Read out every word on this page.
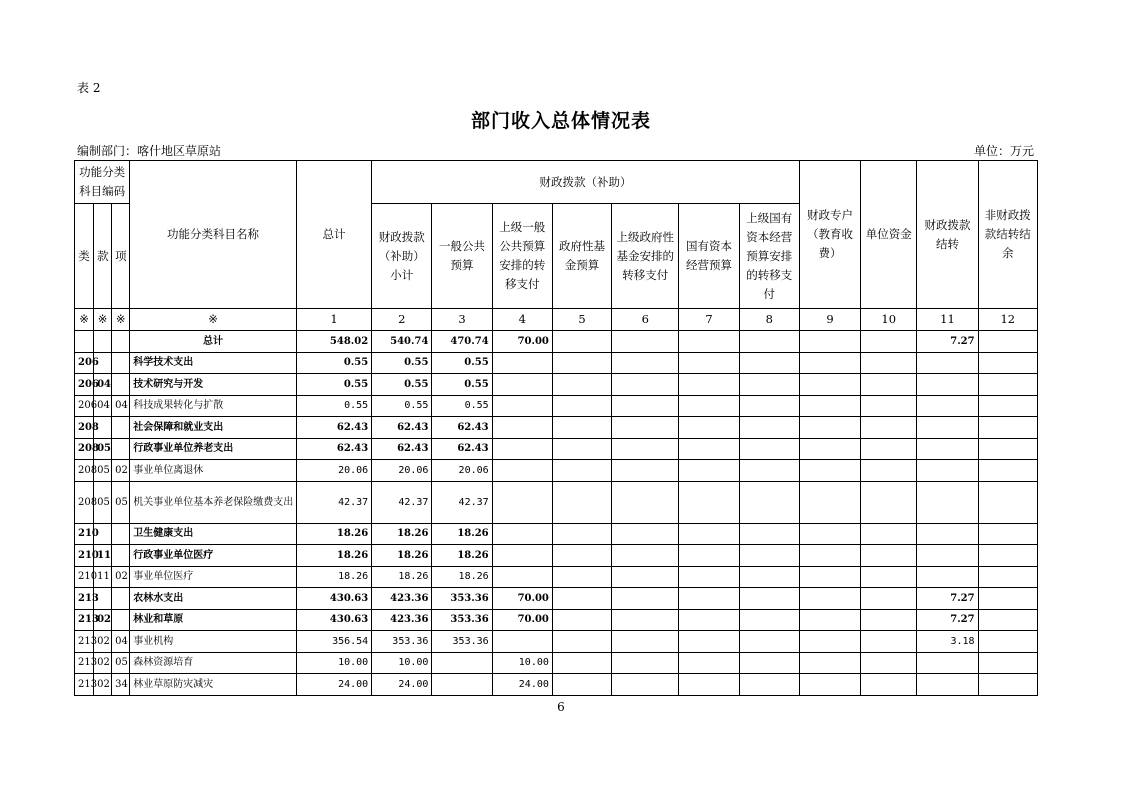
表 2
部门收入总体情况表
编制部门：喀什地区草原站	单位：万元
功能分类科目编码			功能分类科目名称	总计	财政拨款（补助）							财政专户（教育收费）	单位资金	财政拨款结转	非财政拨款结转结余
类	款	项			财政拨款（补助）小计	一般公共预算	上级一般公共预算安排的转移支付	政府性基金预算	上级政府性基金安排的转移支付	国有资本经营预算	上级国有资本经营预算安排的转移支付				
※	※	※	※	1	2	3	4	5	6	7	8	9	10	11	12
			总计	548.02	540.74	470.74	70.00							7.27	
206			科学技术支出	0.55	0.55	0.55									
206	04		技术研究与开发	0.55	0.55	0.55									
206	04	04	科技成果转化与扩散	0.55	0.55	0.55									
208			社会保障和就业支出	62.43	62.43	62.43									
208	05		行政事业单位养老支出	62.43	62.43	62.43									
208	05	02	事业单位离退休	20.06	20.06	20.06									
208	05	05	机关事业单位基本养老保险缴费支出	42.37	42.37	42.37									
210			卫生健康支出	18.26	18.26	18.26									
210	11		行政事业单位医疗	18.26	18.26	18.26									
210	11	02	事业单位医疗	18.26	18.26	18.26									
213			农林水支出	430.63	423.36	353.36	70.00							7.27	
213	02		林业和草原	430.63	423.36	353.36	70.00							7.27	
213	02	04	事业机构	356.54	353.36	353.36								3.18	
213	02	05	森林资源培育	10.00	10.00		10.00								
213	02	34	林业草原防灾减灾	24.00	24.00		24.00								
6
